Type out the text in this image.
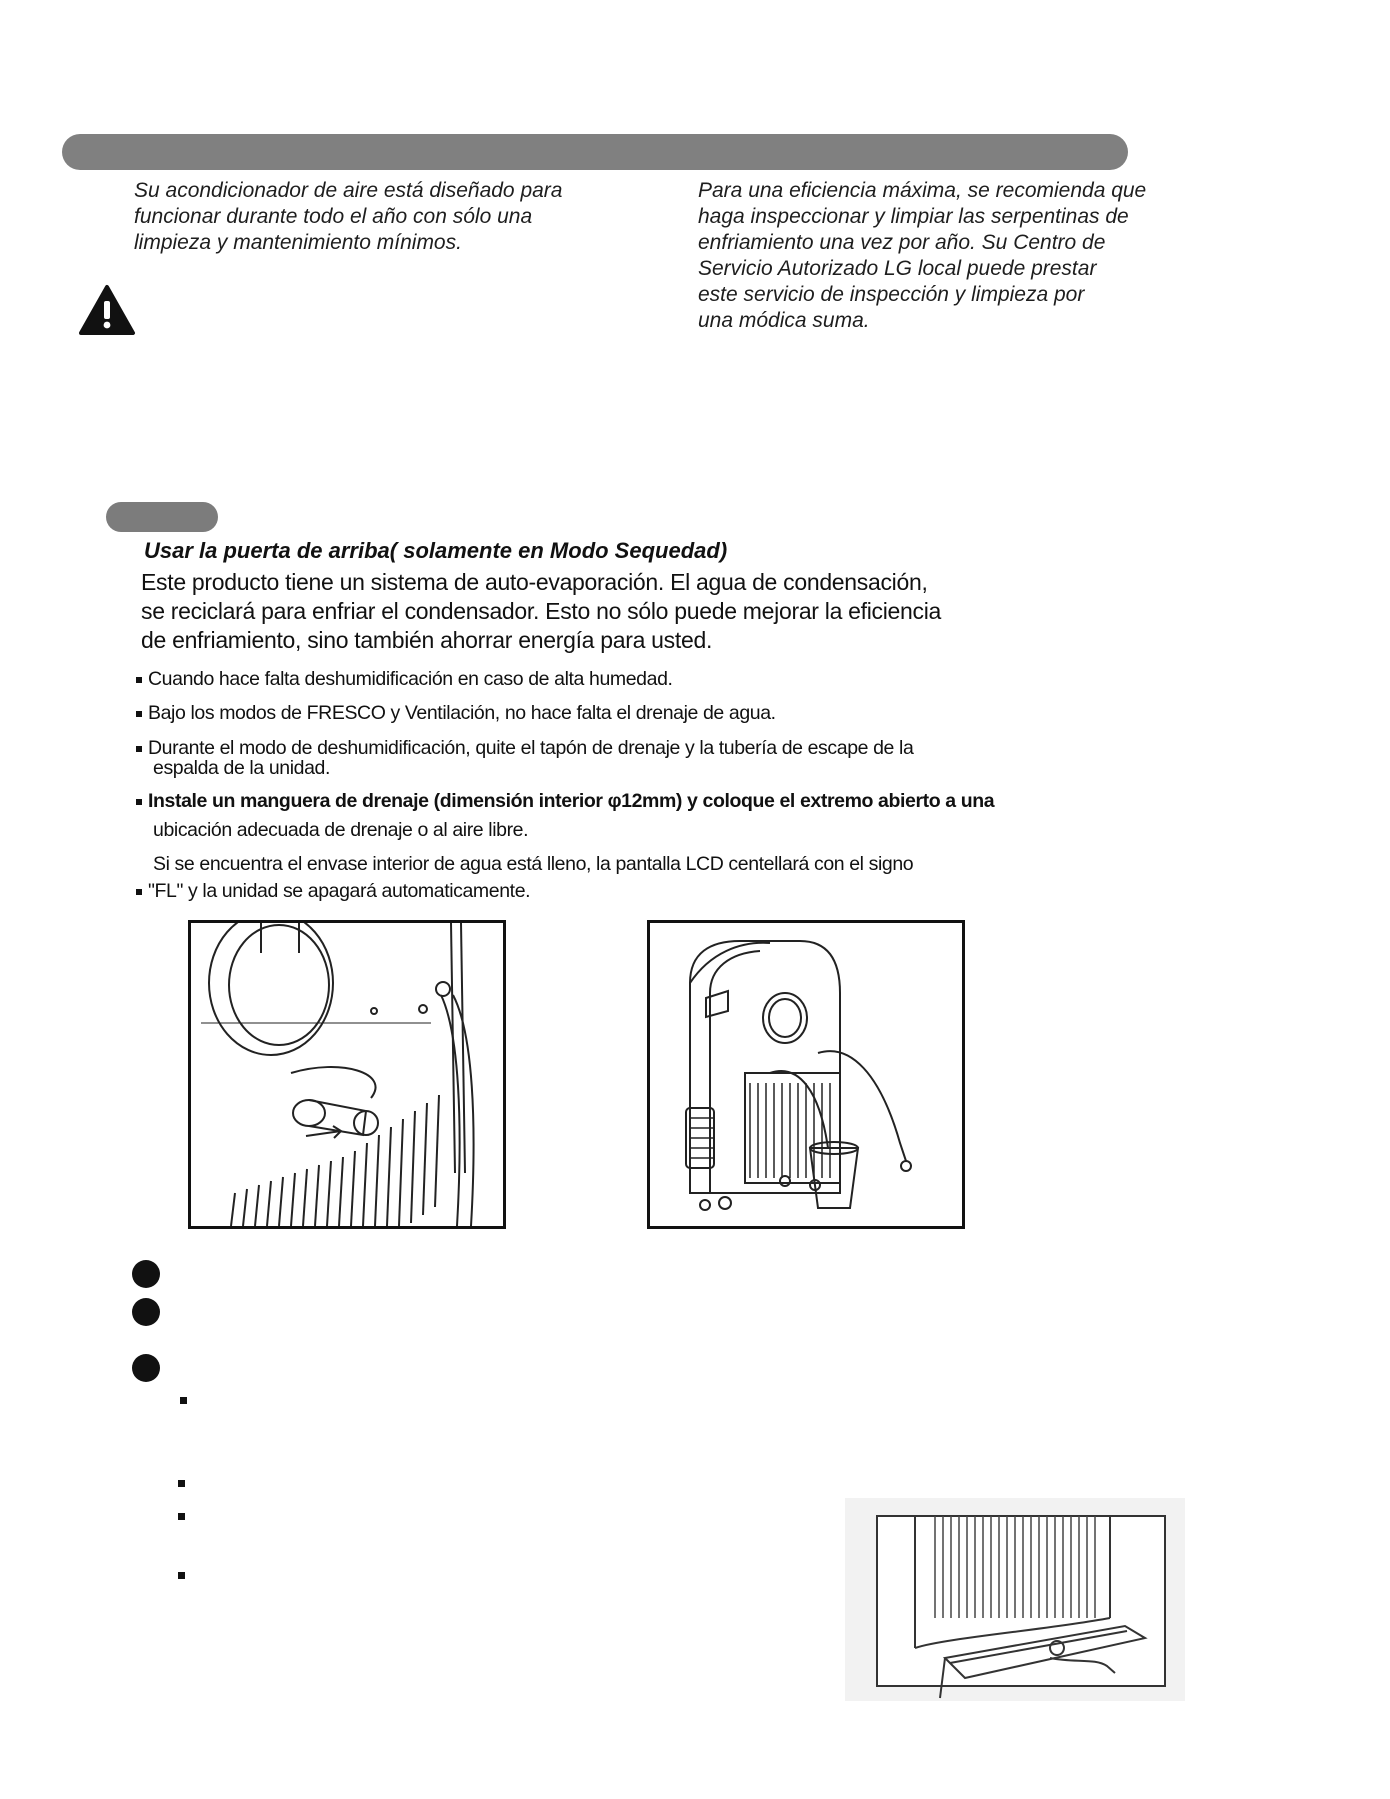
Su acondicionador de aire está diseñado para
funcionar durante todo el año con sólo una
limpieza y mantenimiento mínimos.
Para una eficiencia máxima, se recomienda que
haga inspeccionar y limpiar las serpentinas de
enfriamiento una vez por año. Su Centro de
Servicio Autorizado LG local puede prestar
este servicio de inspección y limpieza por
una módica suma.
Usar la puerta de arriba( solamente en Modo Sequedad)
Este producto tiene un sistema de auto-evaporación. El agua de condensación,
se reciclará para enfriar el condensador. Esto no sólo puede mejorar la eficiencia
de enfriamiento, sino también ahorrar energía para usted.
Cuando hace falta deshumidificación en caso de alta humedad.
Bajo los modos de FRESCO y Ventilación, no hace falta el drenaje de agua.
Durante el modo de deshumidificación, quite el tapón de drenaje y la tubería de escape de la
espalda de la unidad.
Instale un manguera de drenaje (dimensión interior φ12mm) y coloque el extremo abierto a una
ubicación adecuada de drenaje o al aire libre.
Si se encuentra el envase interior de agua está lleno, la pantalla LCD centellará con el signo
"FL" y la unidad se apagará automaticamente.
